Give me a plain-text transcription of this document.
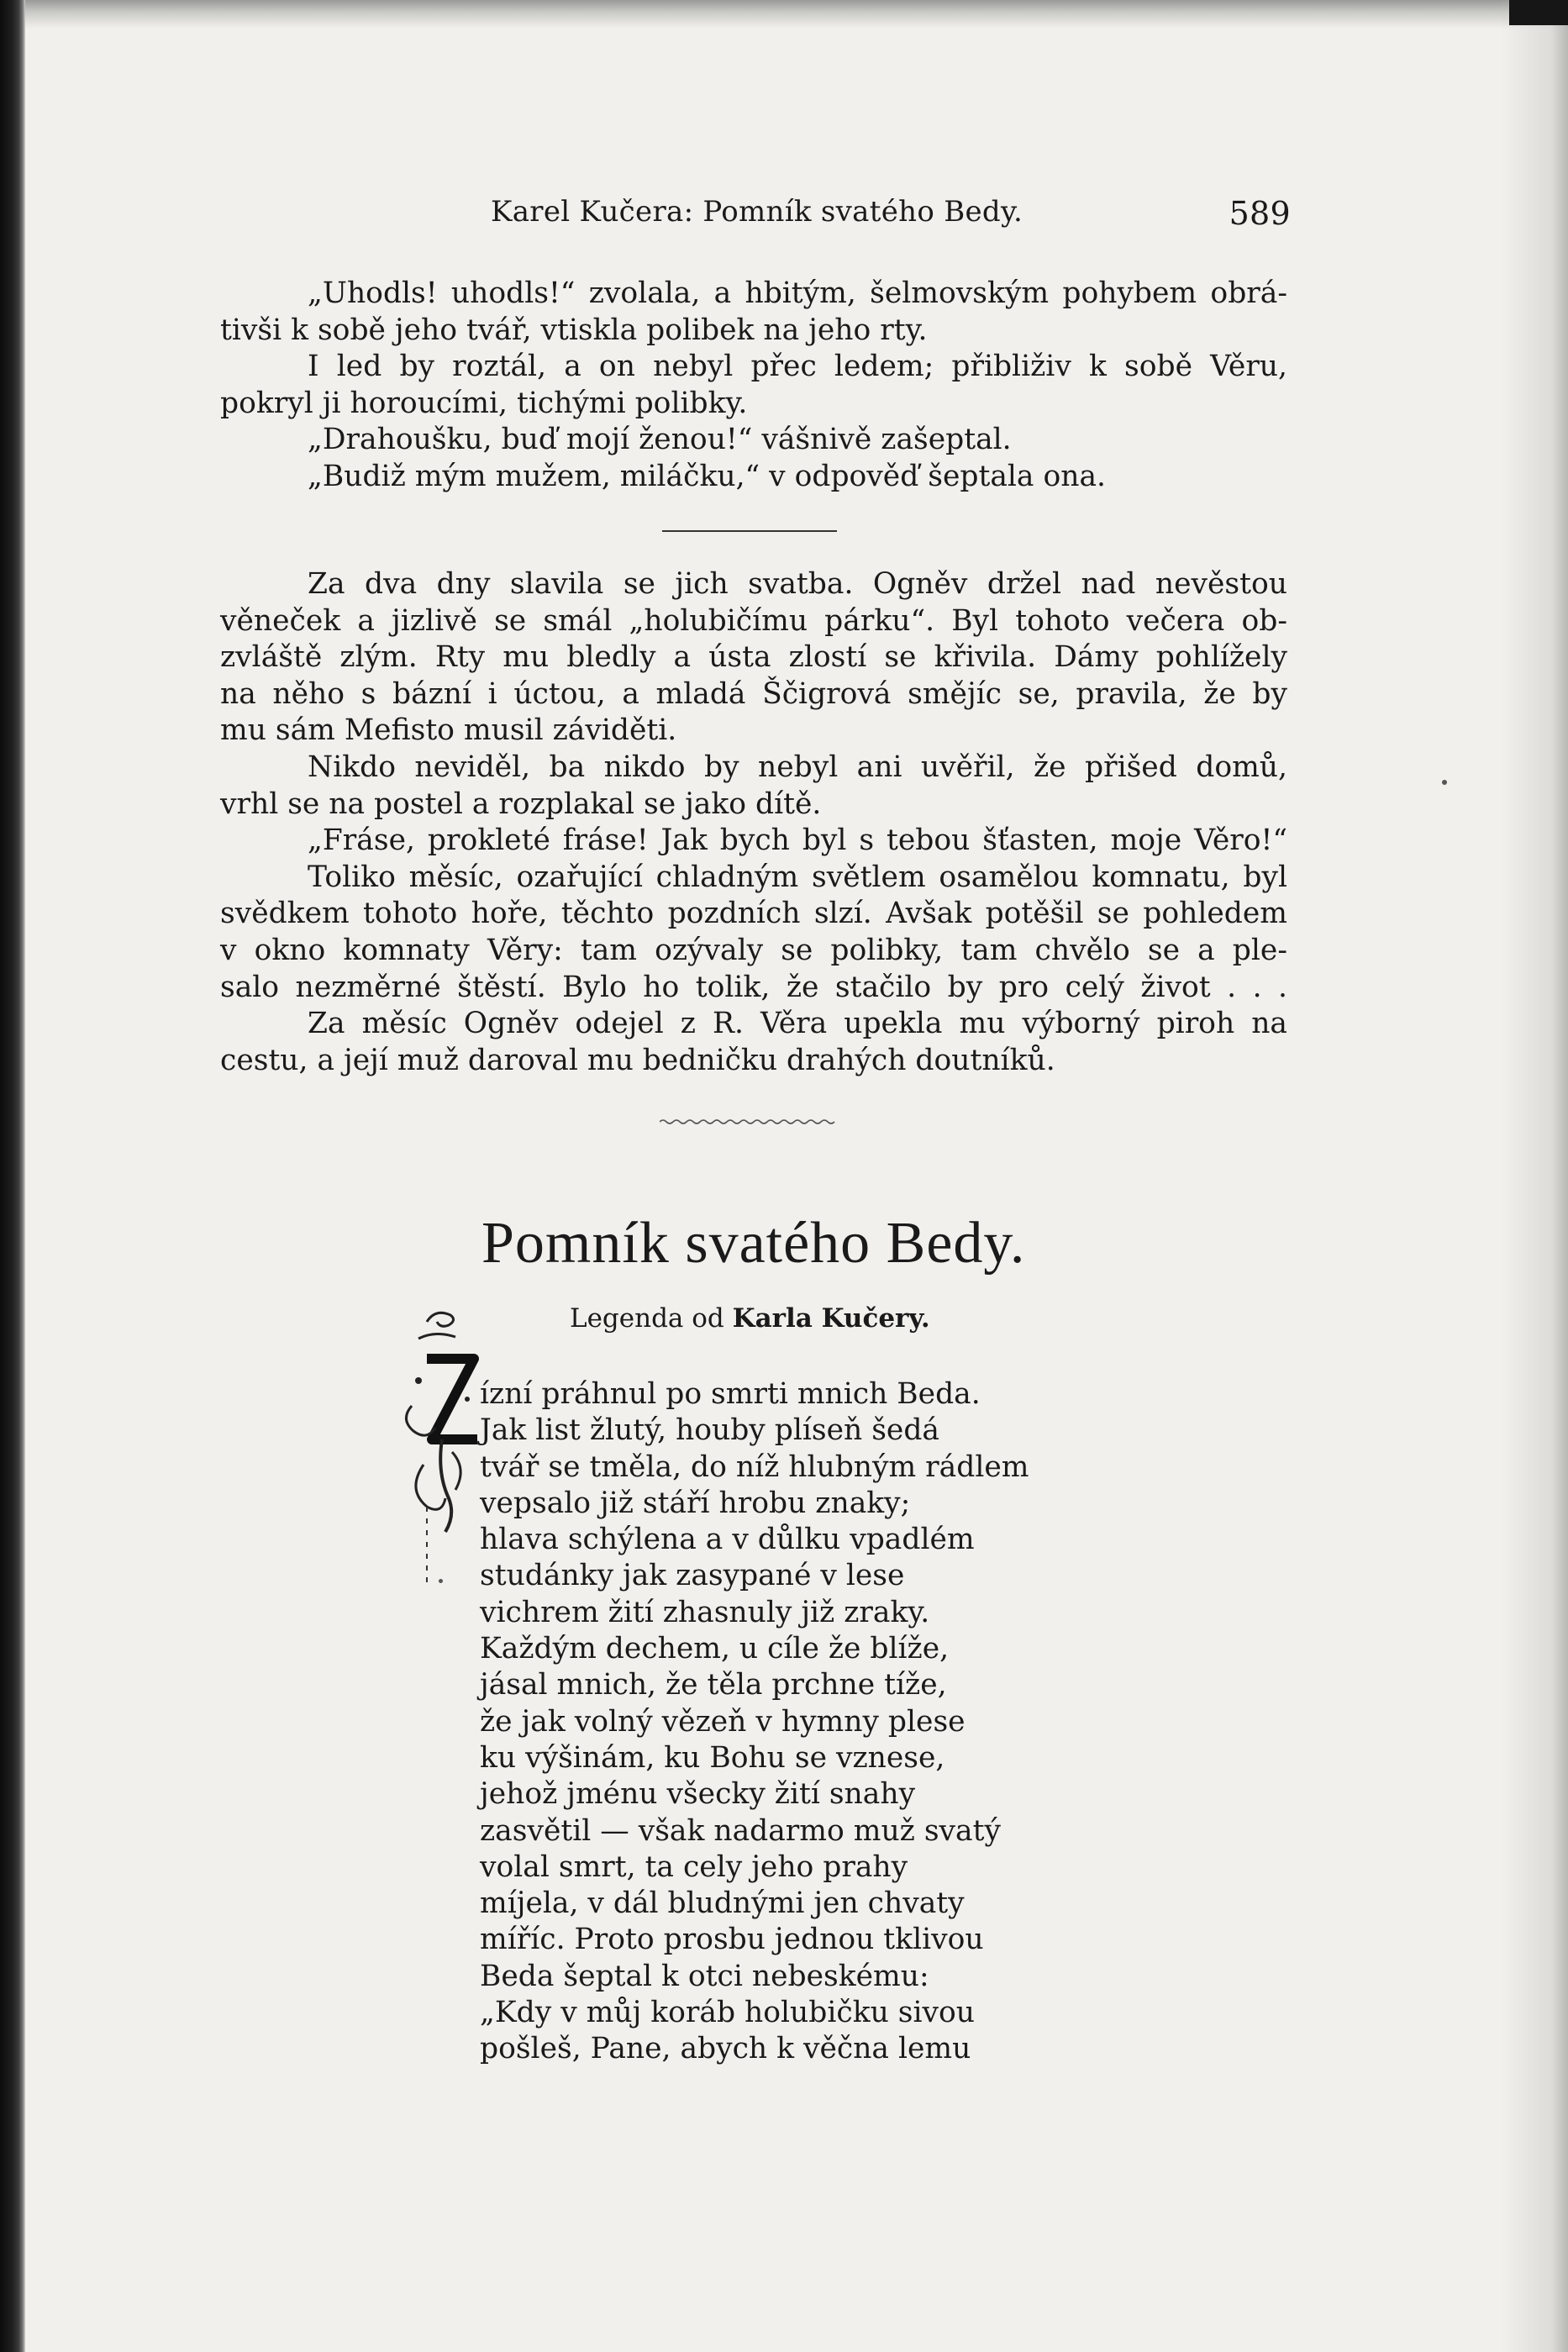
Karel Kučera: Pomník svatého Bedy.	589
„Uhodls! uhodls!“ zvolala, a hbitým, šelmovským pohybem obrá-
tivši k sobě jeho tvář, vtiskla polibek na jeho rty.
I led by roztál, a on nebyl přec ledem; přibliživ k sobě Věru,
pokryl ji horoucími, tichými polibky.
„Drahoušku, buď mojí ženou!“ vášnivě zašeptal.
„Budiž mým mužem, miláčku,“ v odpověď šeptala ona.
Za dva dny slavila se jich svatba. Ogněv držel nad nevěstou
věneček a jizlivě se smál „holubičímu párku“. Byl tohoto večera ob-
zvláště zlým. Rty mu bledly a ústa zlostí se křivila. Dámy pohlížely
na něho s bázní i úctou, a mladá Ščigrová smějíc se, pravila, že by
mu sám Mefisto musil záviděti.
Nikdo neviděl, ba nikdo by nebyl ani uvěřil, že přišed domů,
vrhl se na postel a rozplakal se jako dítě.
„Fráse, prokleté fráse! Jak bych byl s tebou šťasten, moje Věro!“
Toliko měsíc, ozařující chladným světlem osamělou komnatu, byl
svědkem tohoto hoře, těchto pozdních slzí. Avšak potěšil se pohledem
v okno komnaty Věry: tam ozývaly se polibky, tam chvělo se a ple-
salo nezměrné štěstí. Bylo ho tolik, že stačilo by pro celý život . . .
Za měsíc Ogněv odejel z R. Věra upekla mu výborný piroh na
cestu, a její muž daroval mu bedničku drahých doutníků.
Pomník svatého Bedy.
Legenda od Karla Kučery.
ízní práhnul po smrti mnich Beda.
Jak list žlutý, houby plíseň šedá
tvář se tměla, do níž hlubným rádlem
vepsalo již stáří hrobu znaky;
hlava schýlena a v důlku vpadlém
studánky jak zasypané v lese
vichrem žití zhasnuly již zraky.
Každým dechem, u cíle že blíže,
jásal mnich, že těla prchne tíže,
že jak volný vězeň v hymny plese
ku výšinám, ku Bohu se vznese,
jehož jménu všecky žití snahy
zasvětil — však nadarmo muž svatý
volal smrt, ta cely jeho prahy
míjela, v dál bludnými jen chvaty
míříc. Proto prosbu jednou tklivou
Beda šeptal k otci nebeskému:
„Kdy v můj koráb holubičku sivou
pošleš, Pane, abych k věčna lemu
